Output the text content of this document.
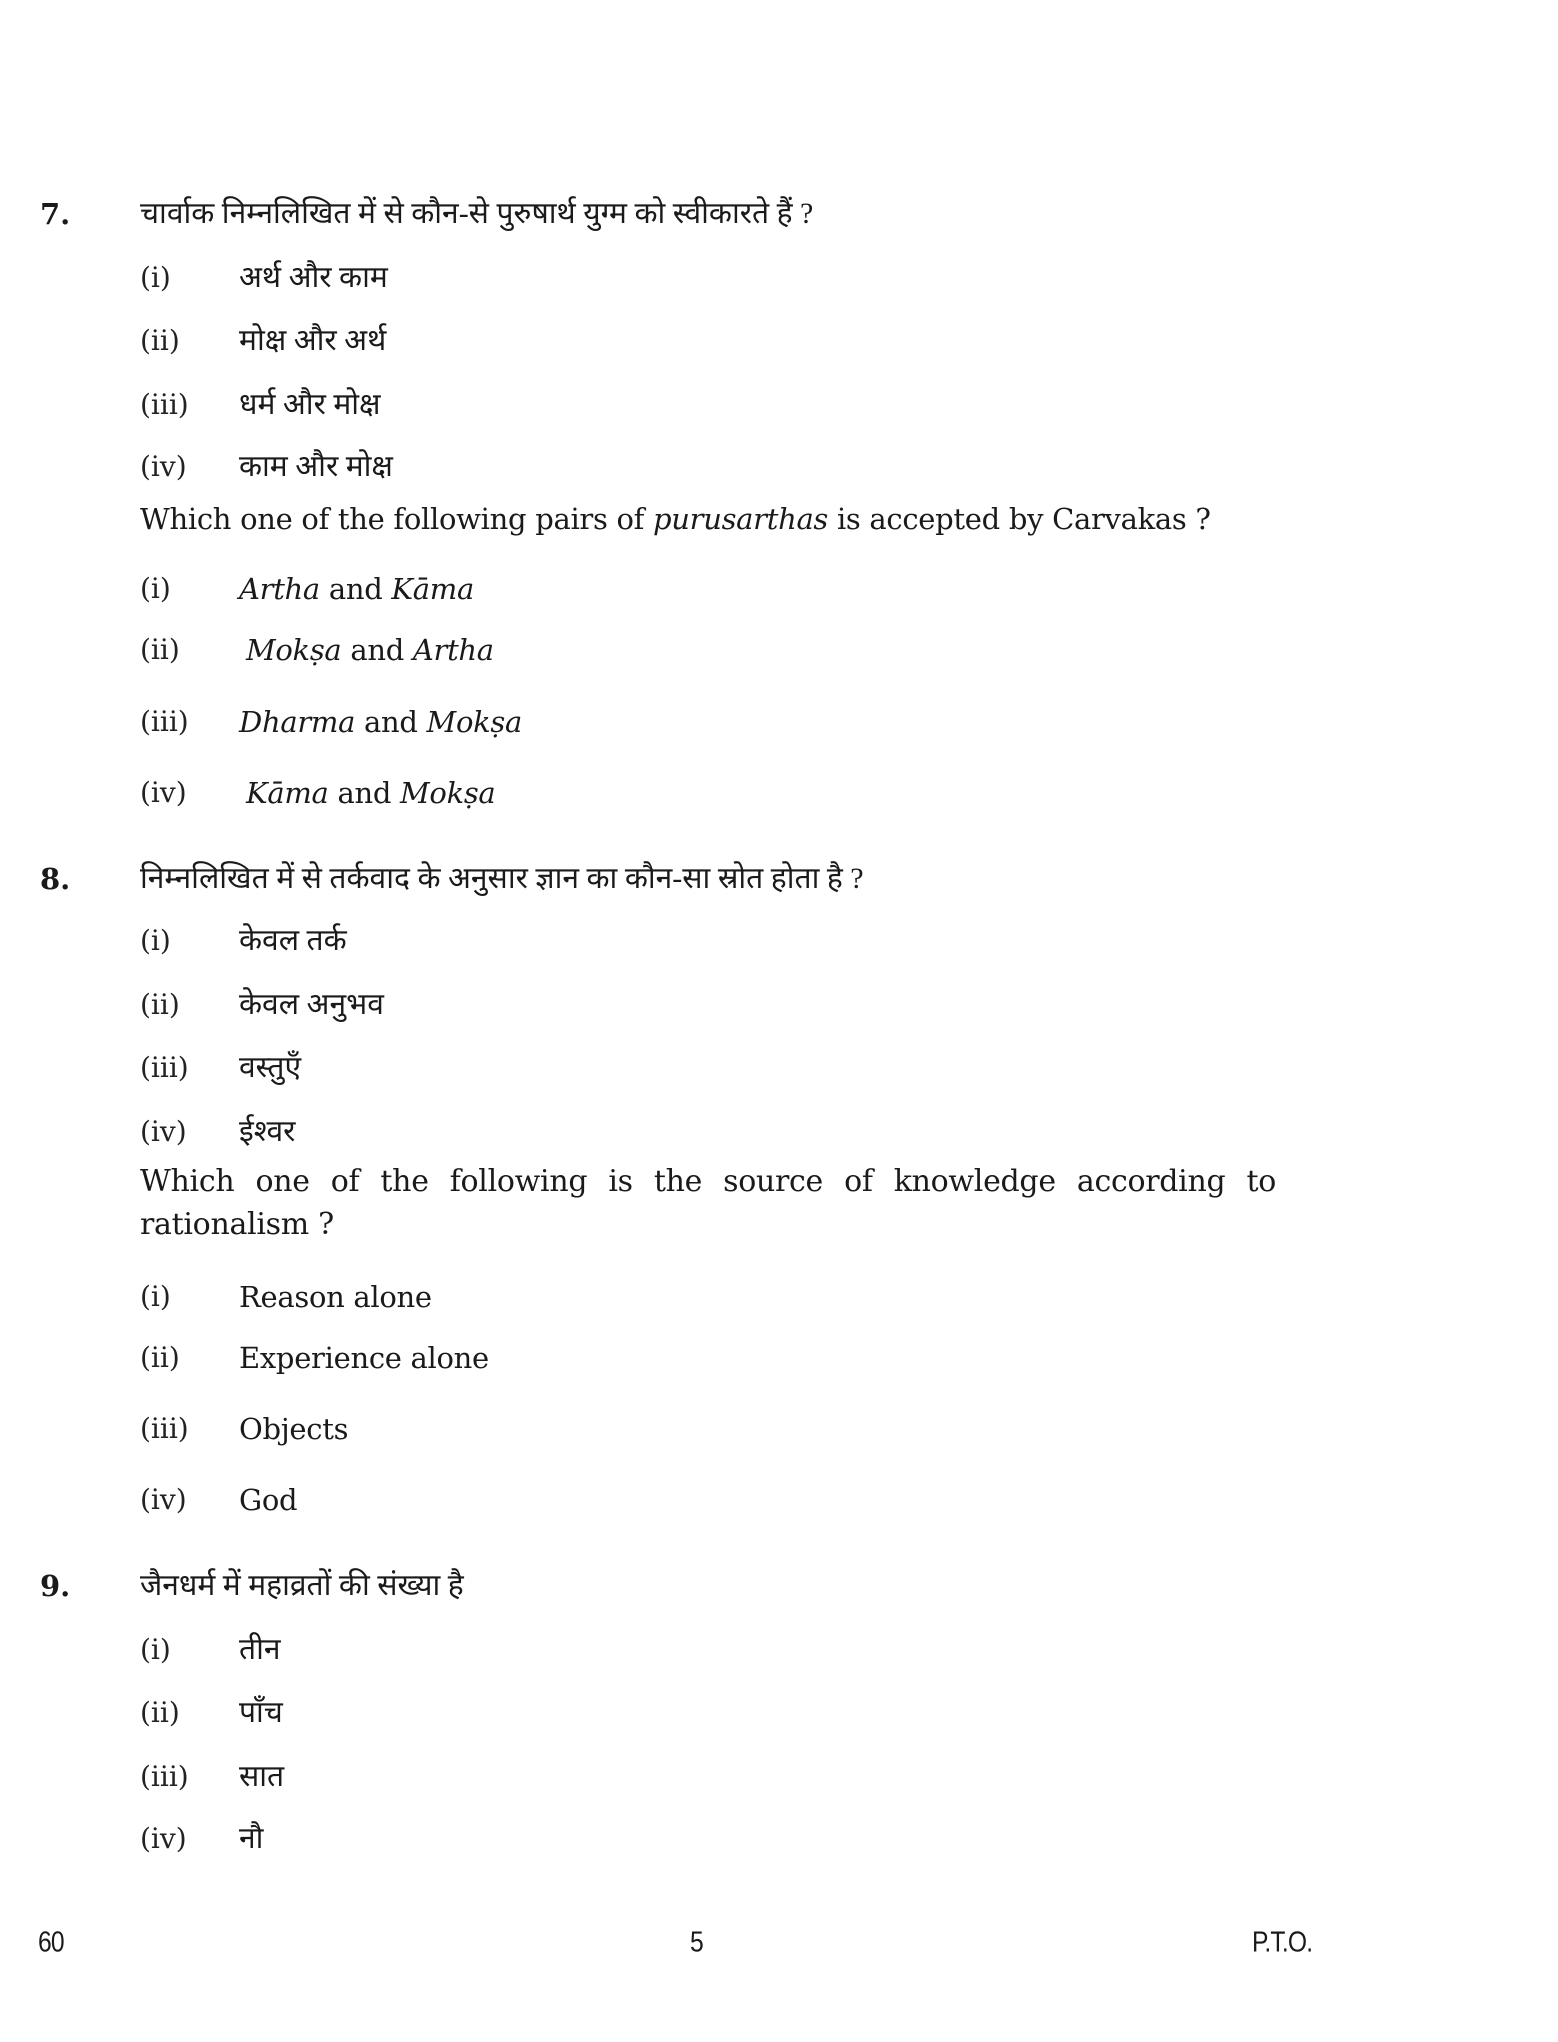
7. चार्वाक निम्नलिखित में से कौन-से पुरुषार्थ युग्म को स्वीकारते हैं ?
(i) अर्थ और काम
(ii) मोक्ष और अर्थ
(iii) धर्म और मोक्ष
(iv) काम और मोक्ष
Which one of the following pairs of purusarthas is accepted by Carvakas ?
(i) Artha and Kāma
(ii) Mokṣa and Artha
(iii) Dharma and Mokṣa
(iv) Kāma and Mokṣa
8. निम्नलिखित में से तर्कवाद के अनुसार ज्ञान का कौन-सा स्रोत होता है ?
(i) केवल तर्क
(ii) केवल अनुभव
(iii) वस्तुएँ
(iv) ईश्वर
Which one of the following is the source of knowledge according to
rationalism ?
(i) Reason alone
(ii) Experience alone
(iii) Objects
(iv) God
9. जैनधर्म में महाव्रतों की संख्या है
(i) तीन
(ii) पाँच
(iii) सात
(iv) नौ
60	5	P.T.O.
